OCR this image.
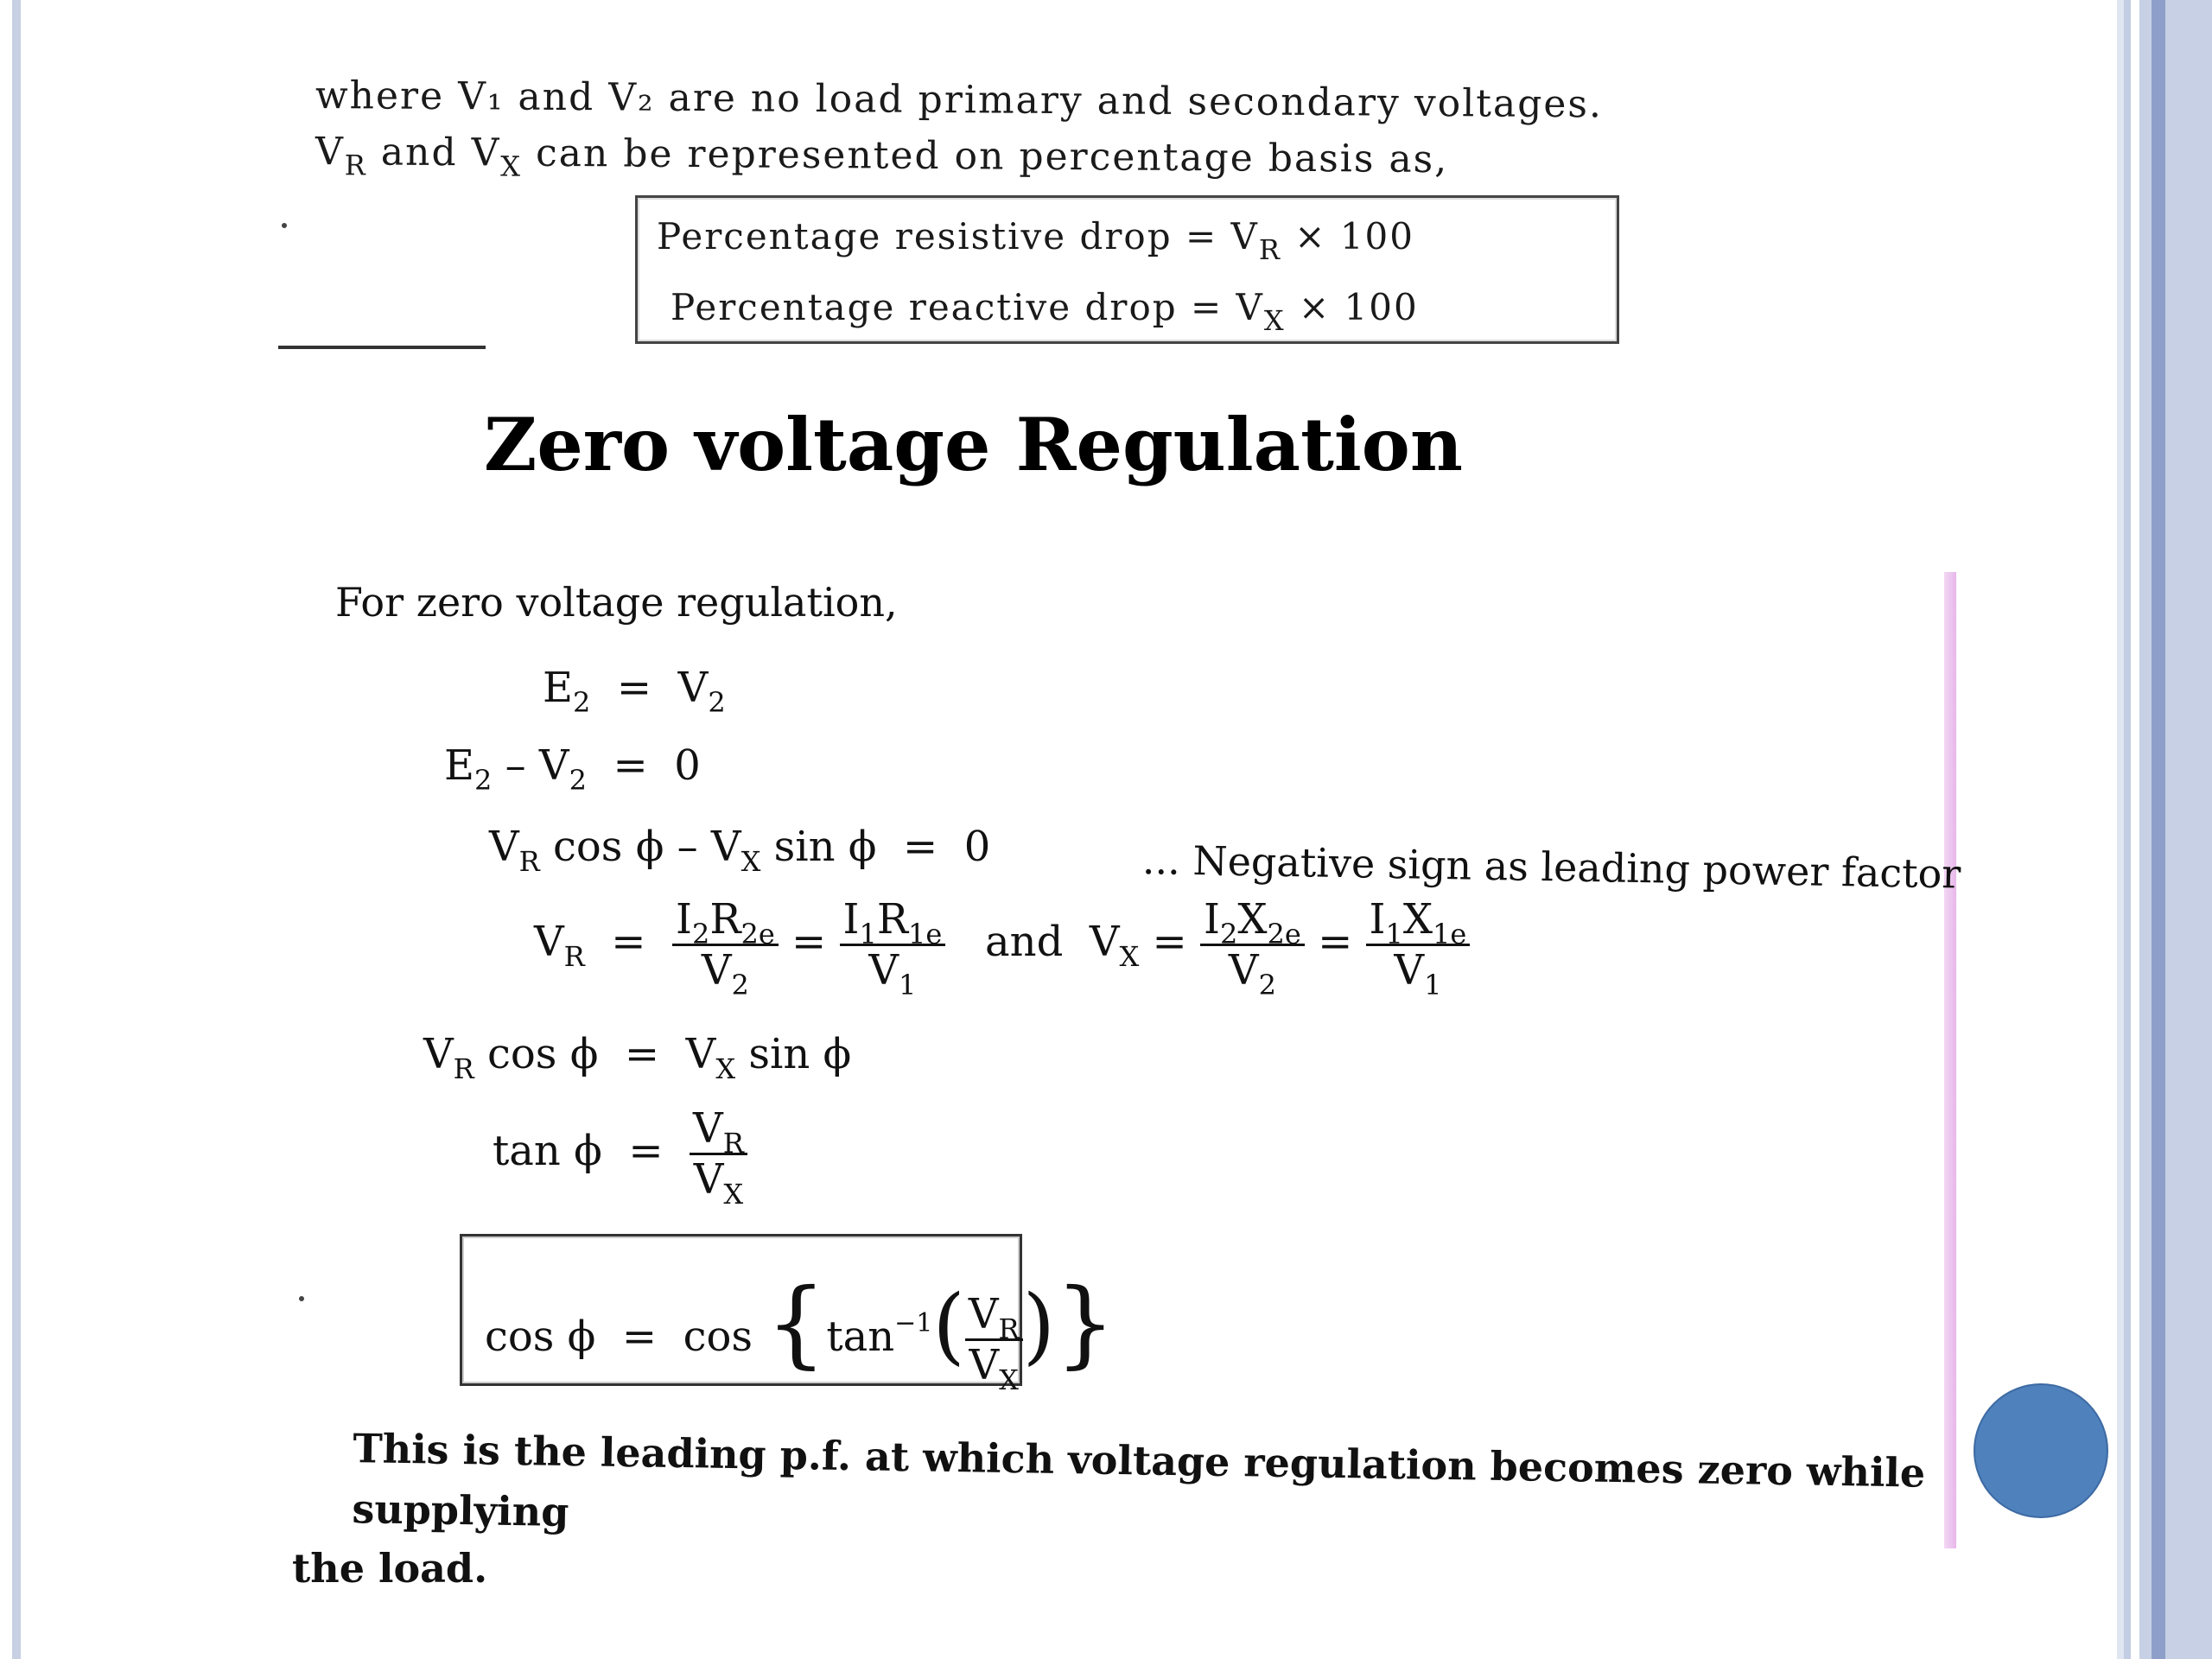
where V₁ and V₂ are no load primary and secondary voltages.
$V_R$ and $V_X$ can be represented on percentage basis as,
Percentage resistive drop = $V_R \times 100$
Percentage reactive drop = $V_X \times 100$
Zero voltage Regulation
For zero voltage regulation,
$E_2 = V_2$
$E_2 - V_2 = 0$
$V_R$ cos ϕ – $V_X$ sin ϕ  =  0	... Negative sign as leading power factor
$V_R = \frac{I_2R_{2e}}{V_2} = \frac{I_1R_{1e}}{V_1}$ and  $V_X = \frac{I_2X_{2e}}{V_2} = \frac{I_1X_{1e}}{V_1}$
$V_R$ $\cos \phi = V_X$ sin ϕ
$\tan \phi = \frac{V_R}{V_X}$
$\cos \phi = \cos \{\tan^{-1}( \frac{V_R}{V_X}$ )}
This is the leading p.f. at which voltage regulation becomes zero while supplying
the load.
